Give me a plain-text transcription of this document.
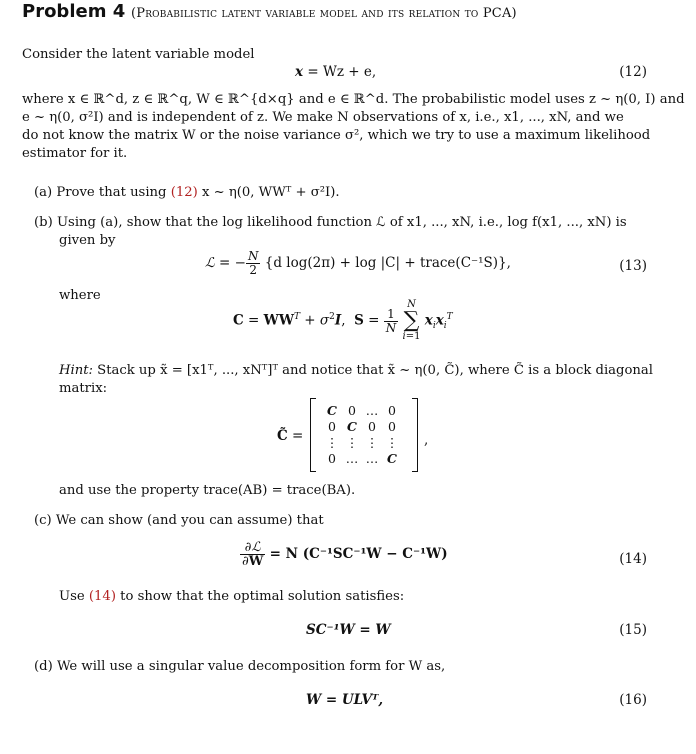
Problem 4 (Probabilistic latent variable model and its relation to PCA)
Consider the latent variable model
x = Wz + e,	(12)
where x ∈ ℝ^d, z ∈ ℝ^q, W ∈ ℝ^{d×q} and e ∈ ℝ^d. The probabilistic model uses z ~ η(0, I) and
e ~ η(0, σ²I) and is independent of z. We make N observations of x, i.e., x1, ..., xN, and we
do not know the matrix W or the noise variance σ², which we try to use a maximum likelihood
estimator for it.
(a) Prove that using (12) x ~ η(0, WWᵀ + σ²I).
(b) Using (a), show that the log likelihood function ℒ of x1, ..., xN, i.e., log f(x1, ..., xN) is
given by
ℒ = − $\frac{N}{2} \{d$ log(2π) + log |C| + trace(C⁻¹S)},	(13)
where
$C = WW^T + \sigma^2I$,  $S = \frac{1}{N}$

N
∑
i=1
$x_ix_i^T$
Hint: Stack up x̃ = [x1ᵀ, ..., xNᵀ]ᵀ and notice that x̃ ~ η(0, C̃), where C̃ is a block diagonal
matrix:
C̃ =
C 0 … 0
0 C 0 0
⋮ ⋮ ⋮ ⋮
0 … … C
,
and use the property trace(AB) = trace(BA).
(c) We can show (and you can assume) that
$\frac{\text{∂ℒ}}{\partial W} = N$ (C⁻¹SC⁻¹W − C⁻¹W)	(14)
Use (14) to show that the optimal solution satisfies:
SC⁻¹W = W	(15)
(d) We will use a singular value decomposition form for W as,
W = ULVᵀ,	(16)
